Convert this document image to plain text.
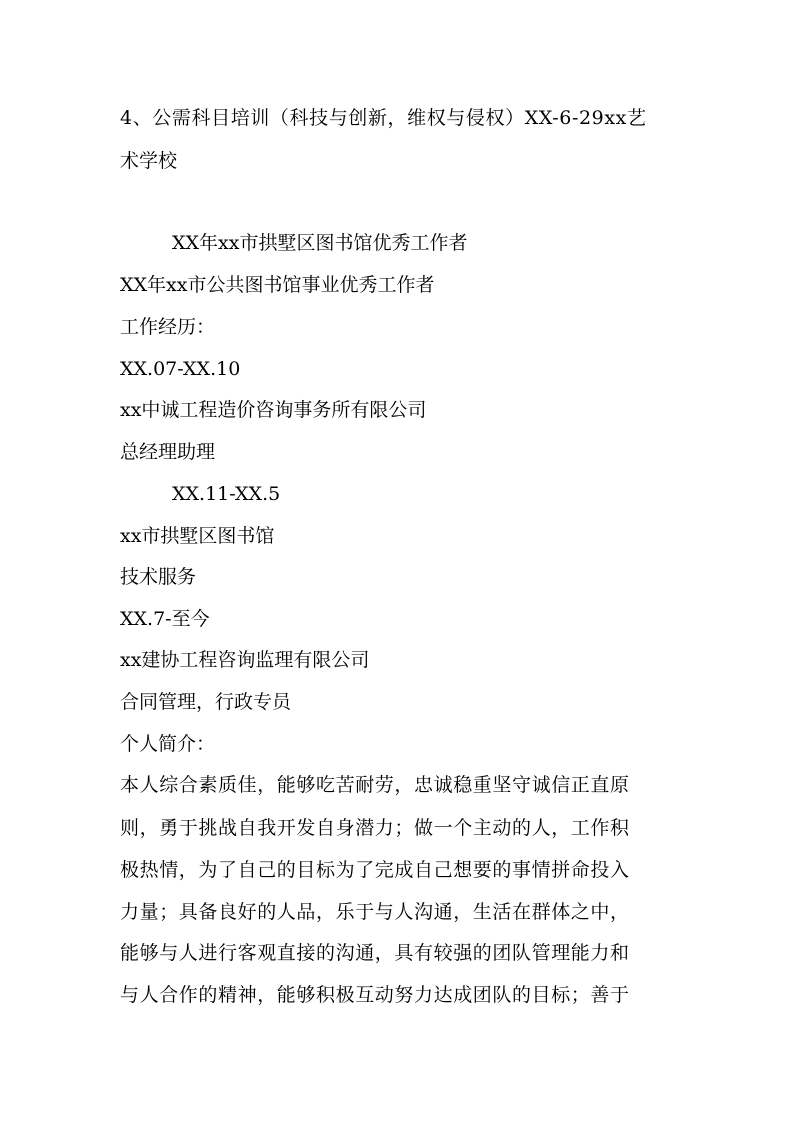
4、公需科目培训（科技与创新，维权与侵权）XX-6-29xx艺
术学校
XX年xx市拱墅区图书馆优秀工作者
XX年xx市公共图书馆事业优秀工作者
工作经历：
XX.07-XX.10
xx中诚工程造价咨询事务所有限公司
总经理助理
XX.11-XX.5
xx市拱墅区图书馆
技术服务
XX.7-至今
xx建协工程咨询监理有限公司
合同管理，行政专员
个人简介：
本人综合素质佳，能够吃苦耐劳，忠诚稳重坚守诚信正直原
则，勇于挑战自我开发自身潜力；做一个主动的人，工作积
极热情，为了自己的目标为了完成自己想要的事情拼命投入
力量；具备良好的人品，乐于与人沟通，生活在群体之中，
能够与人进行客观直接的沟通，具有较强的团队管理能力和
与人合作的精神，能够积极互动努力达成团队的目标；善于
